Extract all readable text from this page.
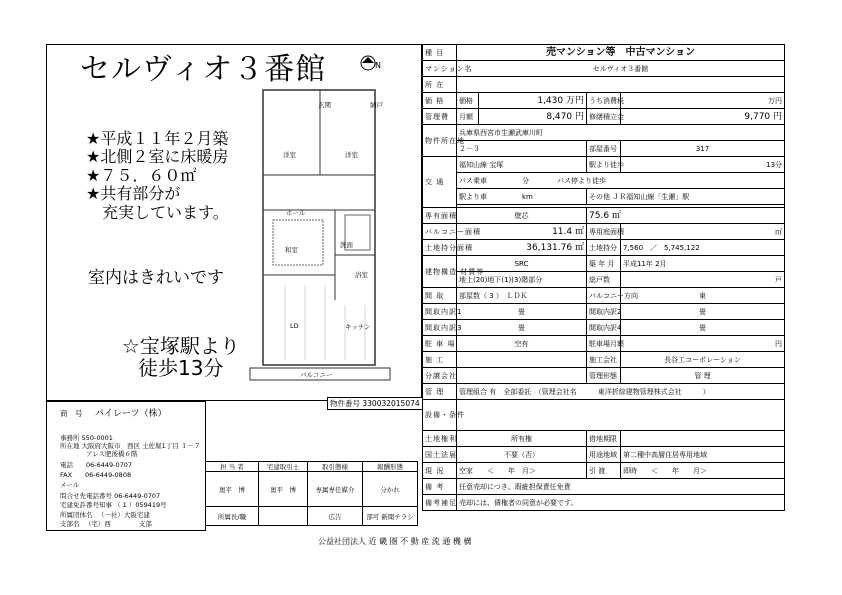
セルヴィオ３番館	N
★平成１１年２月築
★北側２室に床暖房
★７５．６０㎡
★共有部分が
　充実しています。
室内はきれいです
☆宝塚駅より
徒歩13分
洋室	洋室
和室
LD	キッチン
洗面
浴室
玄関
バルコニー
ホール
納戸
物件番号 330032015074
商 号 パイレーツ（株）
事務所 550-0001
所在地 大阪府大阪市　西区 土佐堀1丁目 １－７
　　　　アレス肥後橋６階
電話　　06-6449-0707
FAX　　06-6449-0808
メール
問合せ先電話番号 06-6449-0707
宅建免許番号知事 （ 1 ）059419号
所属団体名 　（一社）大阪宅建
支部名 　（宅）西 　　　　支部
担 当 者	宅建取引士	取引態様	報酬形態
奥平　博	奥平　博	専属専任媒介	分かれ
所属長/職		広告	部可 新聞チラシ
種 目	売マンション等　中古マンション			
マンション名	セルヴィオ３番館			
所 在				
価 格	価格	1,430 万円	うち消費税	万円
管理費	月額	8,470 円	修繕積立金	9,770 円
物件所在地	兵庫県西宮市生瀬武庫川町			
	２－３		部屋番号	317
交 通	福知山線 宝塚		駅より徒歩	13分
	バス乗車　　　　　分　　　　バス停より徒歩			
	駅より車　　　　　km		その他 ＪＲ福知山線「生瀬」駅	

専有面積	壁芯		75.6 ㎡	
バルコニー面積	11.4 ㎡		専用庭面積	㎡
土地持分面積	36,131.76 ㎡		土地持分	7,560　／　5,745,122
建物構造 材質等	SRC		築 年 月	平成11年 2月
	地上(20)地下(1)(3)階部分		総戸数	戸
間 取	部屋数（ 3 ）　ＬＤＫ		バルコニー方向	東
間取内訳1	畳		間取内訳2	畳
間取内訳3	畳		間取内訳4	畳
駐 車 場	空有		駐車場月額	円
施 工			施工会社	長谷工コーポレーション
分譲会社			管理形態	管 理
管 理	管理組合 有　全部委託　（管理会社名　　　東洋折綜建物管理株式会社　　　）			
設備・条件				
土地権利	所有権		借地期限	
国土法届	不要（否）		用途地域	第二種中高層住居専用地域
現 況	空家　　＜　　年　月＞		引 渡	即時　　＜　　年　　月＞
備 考	任意売却につき、瑕疵担保責任免責			
備考補足	売却には、債権者の同意が必要です。			
公益社団法人 近 畿 圏 不 動 産 流 通 機 構
